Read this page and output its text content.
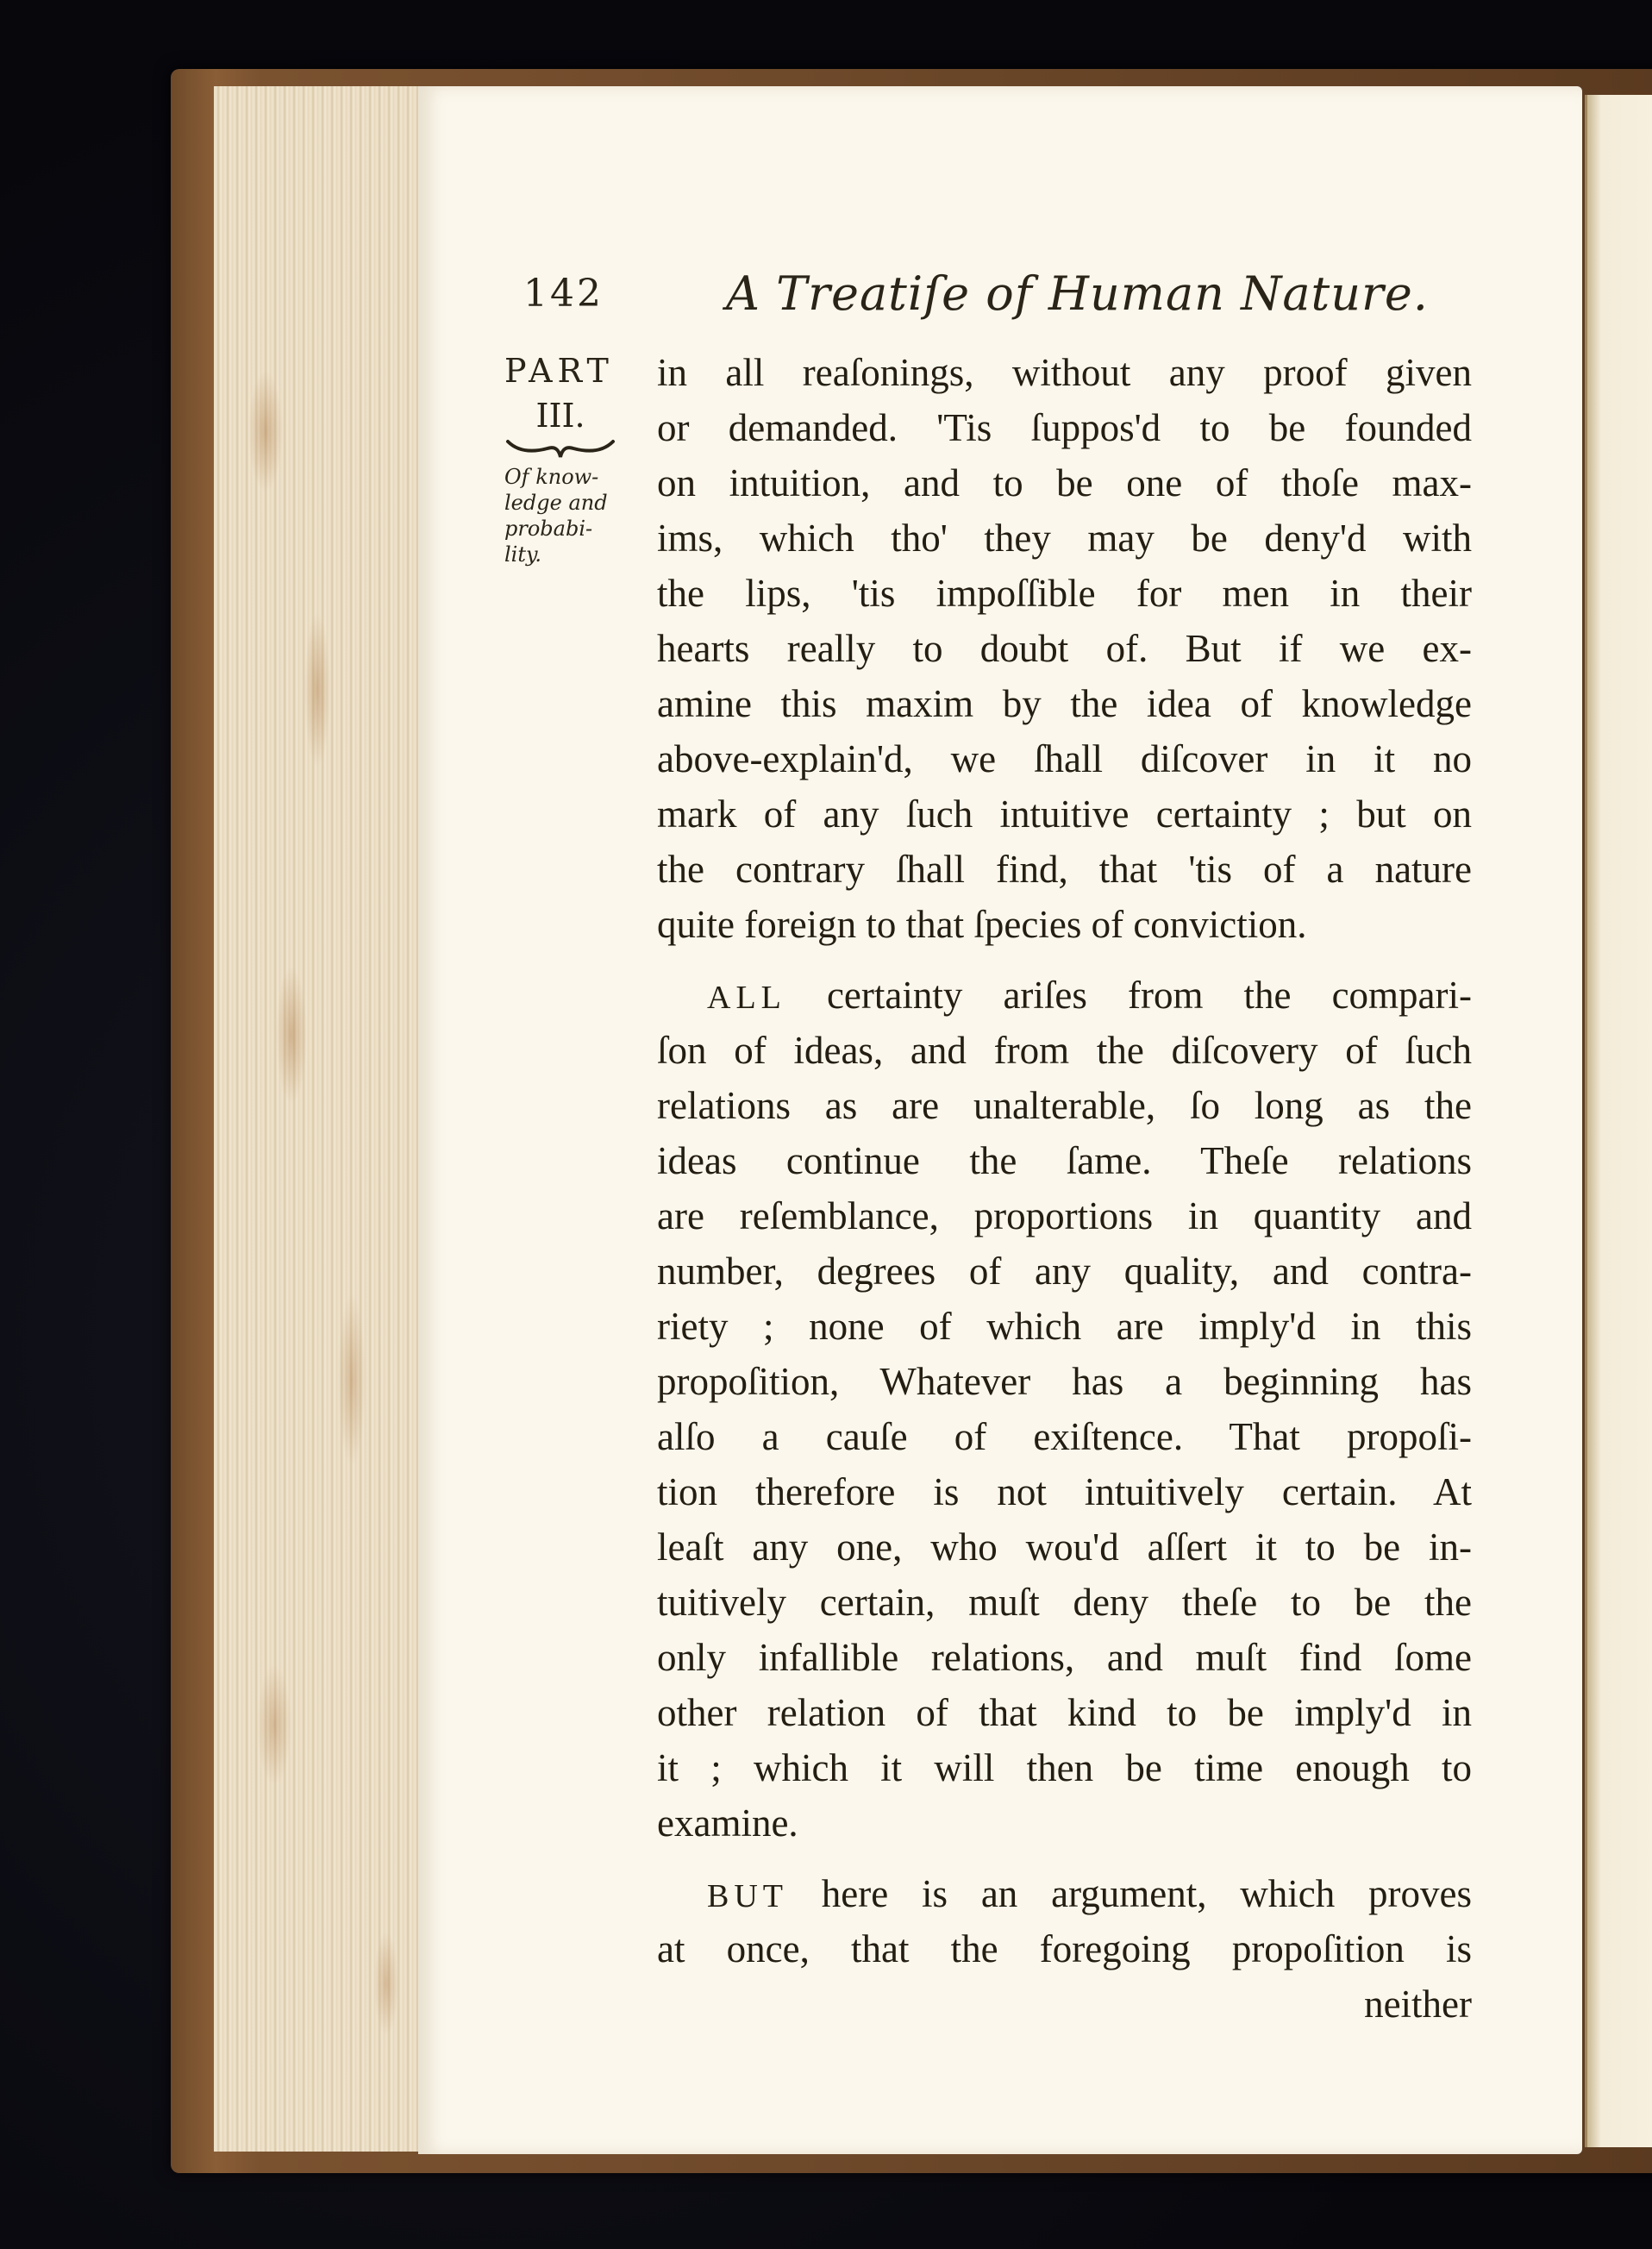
142	A Treatiſe of Human Nature.
PART
III.
Of know-
ledge and
probabi-
lity.
in all reaſonings, without any proof given
or demanded. 'Tis ſuppos'd to be founded
on intuition, and to be one of thoſe max-
ims, which tho' they may be deny'd with
the lips, 'tis impoſſible for men in their
hearts really to doubt of. But if we ex-
amine this maxim by the idea of knowledge
above-explain'd, we ſhall diſcover in it no
mark of any ſuch intuitive certainty ; but on
the contrary ſhall find, that 'tis of a nature
quite foreign to that ſpecies of conviction.
ALL certainty ariſes from the compari-
ſon of ideas, and from the diſcovery of ſuch
relations as are unalterable, ſo long as the
ideas continue the ſame. Theſe relations
are reſemblance, proportions in quantity and
number, degrees of any quality, and contra-
riety ; none of which are imply'd in this
propoſition, Whatever has a beginning has
alſo a cauſe of exiſtence. That propoſi-
tion therefore is not intuitively certain. At
leaſt any one, who wou'd aſſert it to be in-
tuitively certain, muſt deny theſe to be the
only infallible relations, and muſt find ſome
other relation of that kind to be imply'd in
it ; which it will then be time enough to
examine.
BUT here is an argument, which proves
at once, that the foregoing propoſition is
neither
